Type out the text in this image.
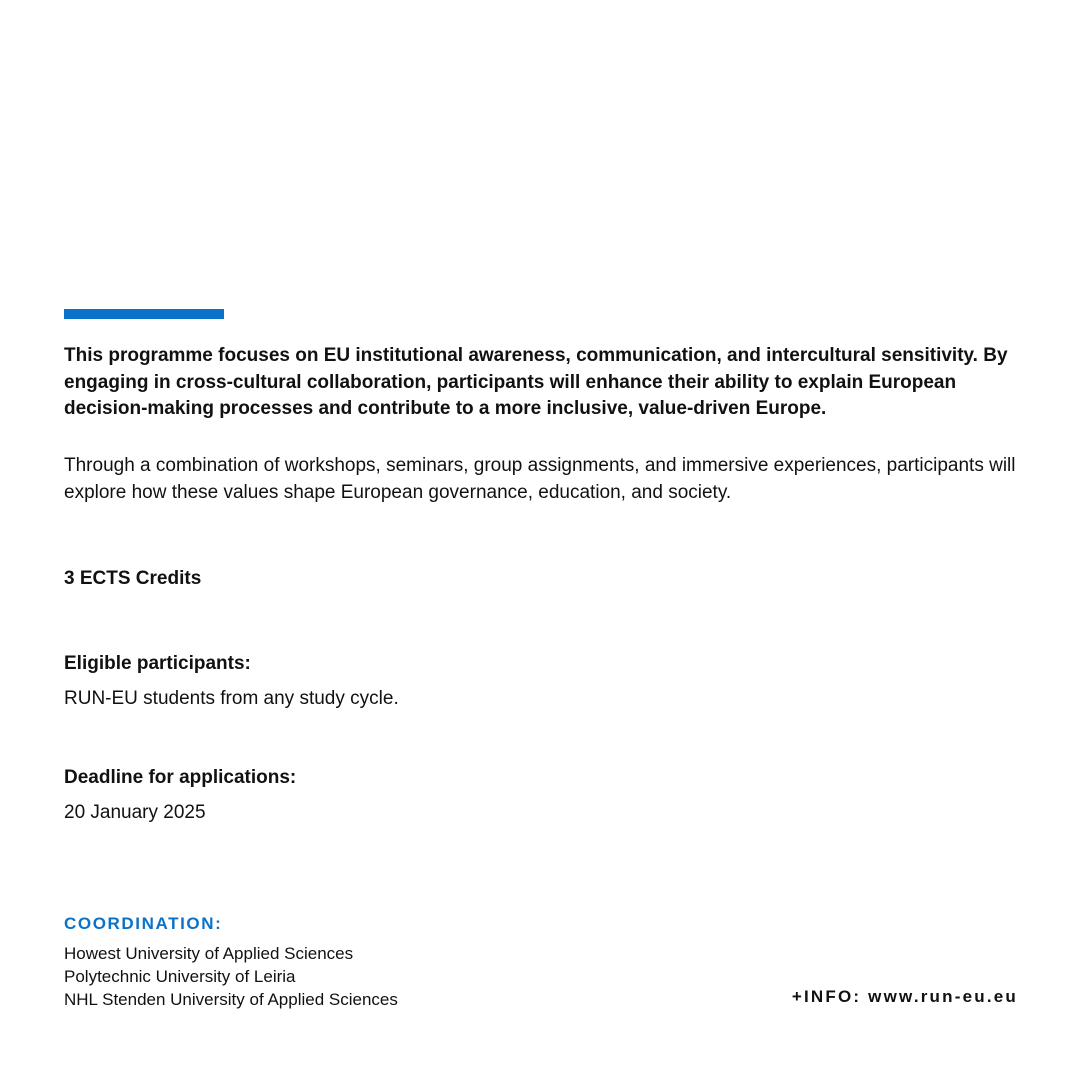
This programme focuses on EU institutional awareness, communication, and intercultural sensitivity. By engaging in cross-cultural collaboration, participants will enhance their ability to explain European decision-making processes and contribute to a more inclusive, value-driven Europe.

Through a combination of workshops, seminars, group assignments, and immersive experiences, participants will explore how these values shape European governance, education, and society.

3 ECTS Credits

Eligible participants:

RUN-EU students from any study cycle.

Deadline for applications:

20 January 2025

COORDINATION:

Howest University of Applied Sciences
Polytechnic University of Leiria
NHL Stenden University of Applied Sciences	+INFO: www.run-eu.eu
